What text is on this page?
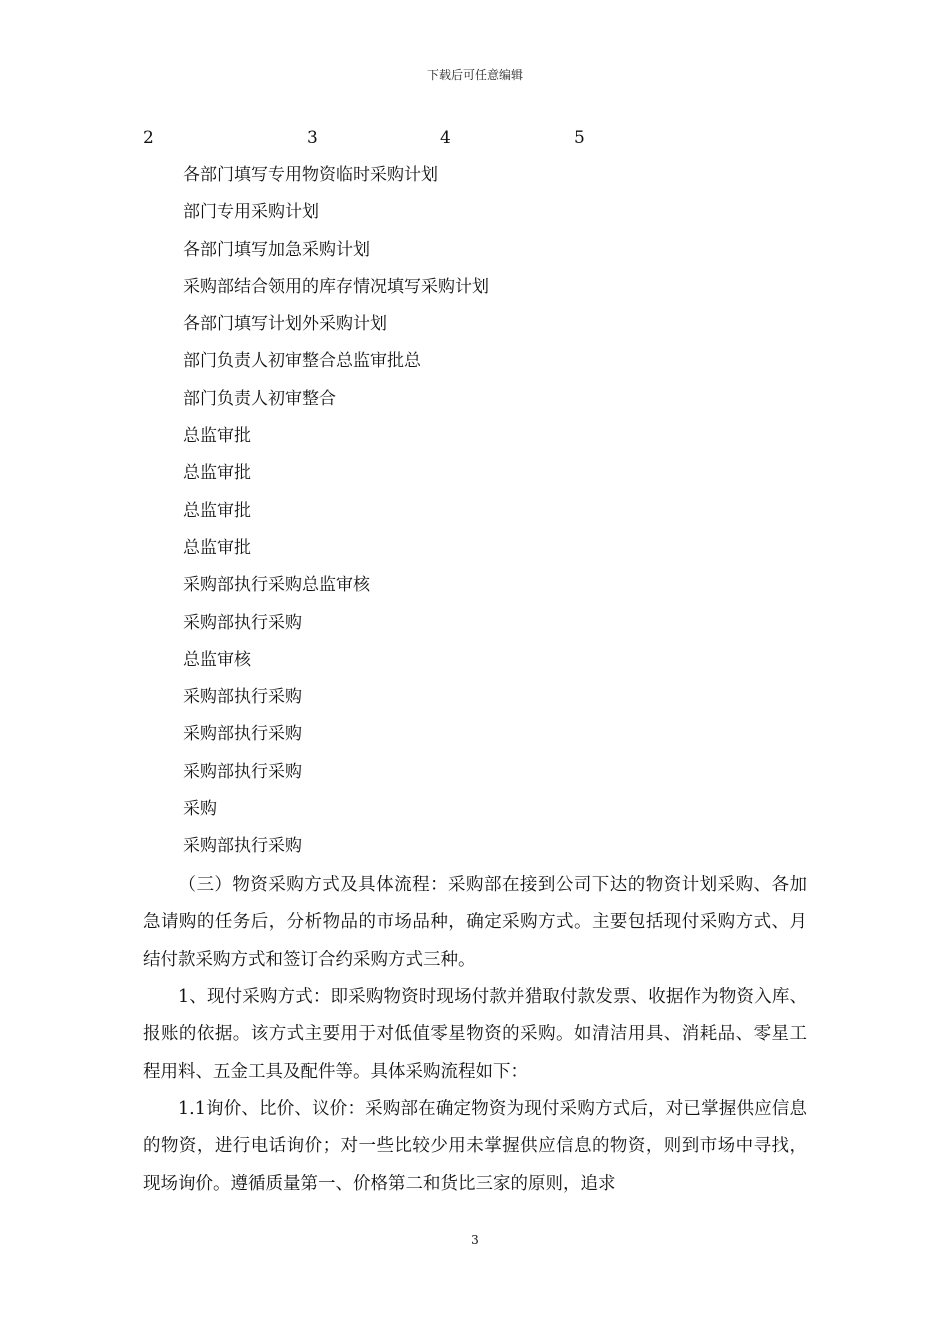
下载后可任意编辑
2	3	4	5
各部门填写专用物资临时采购计划
部门专用采购计划
各部门填写加急采购计划
采购部结合领用的库存情况填写采购计划
各部门填写计划外采购计划
部门负责人初审整合总监审批总
部门负责人初审整合
总监审批
总监审批
总监审批
总监审批
采购部执行采购总监审核
采购部执行采购
总监审核
采购部执行采购
采购部执行采购
采购部执行采购
采购
采购部执行采购
（三）物资采购方式及具体流程：采购部在接到公司下达的物资计划采购、各加急请购的任务后，分析物品的市场品种，确定采购方式。主要包括现付采购方式、月结付款采购方式和签订合约采购方式三种。
1、现付采购方式：即采购物资时现场付款并猎取付款发票、收据作为物资入库、报账的依据。该方式主要用于对低值零星物资的采购。如清洁用具、消耗品、零星工程用料、五金工具及配件等。具体采购流程如下：
1.1询价、比价、议价：采购部在确定物资为现付采购方式后，对已掌握供应信息的物资，进行电话询价；对一些比较少用未掌握供应信息的物资，则到市场中寻找，现场询价。遵循质量第一、价格第二和货比三家的原则，追求
3
